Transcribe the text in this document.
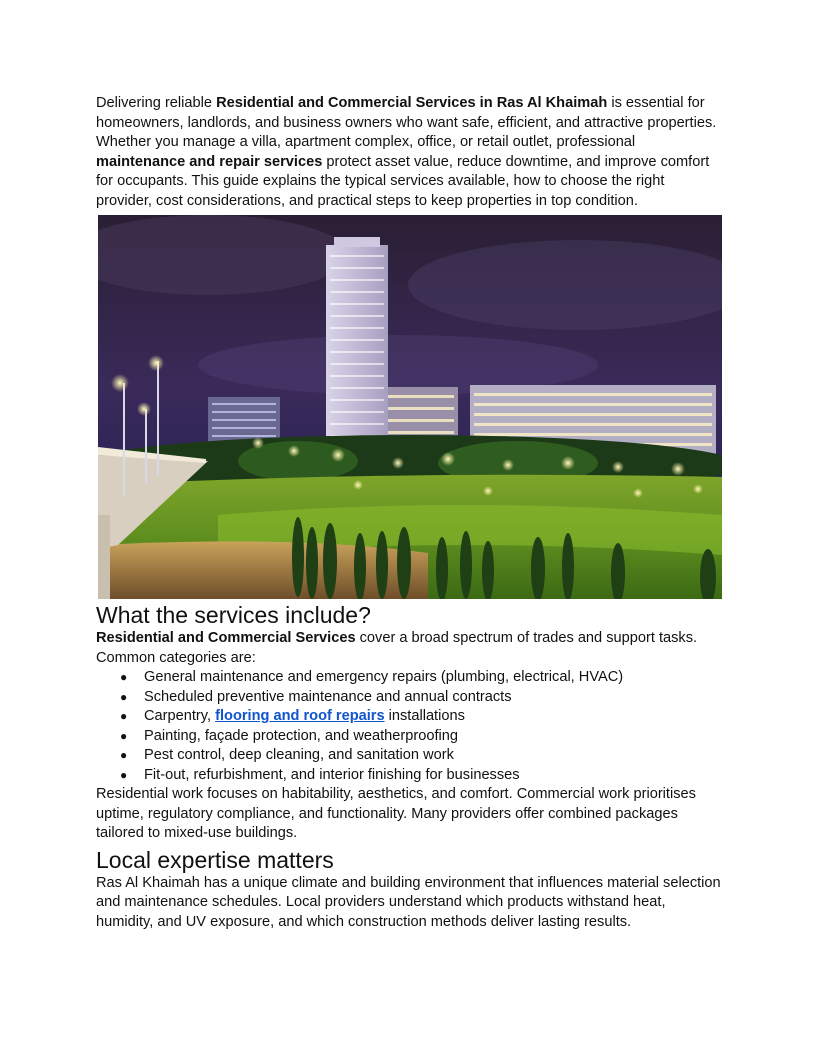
Delivering reliable Residential and Commercial Services in Ras Al Khaimah is essential for homeowners, landlords, and business owners who want safe, efficient, and attractive properties. Whether you manage a villa, apartment complex, office, or retail outlet, professional maintenance and repair services protect asset value, reduce downtime, and improve comfort for occupants. This guide explains the typical services available, how to choose the right provider, cost considerations, and practical steps to keep properties in top condition.

What the services include?

Residential and Commercial Services cover a broad spectrum of trades and support tasks. Common categories are:

● General maintenance and emergency repairs (plumbing, electrical, HVAC)
● Scheduled preventive maintenance and annual contracts
● Carpentry, flooring and roof repairs installations
● Painting, façade protection, and weatherproofing
● Pest control, deep cleaning, and sanitation work
● Fit-out, refurbishment, and interior finishing for businesses

Residential work focuses on habitability, aesthetics, and comfort. Commercial work prioritises uptime, regulatory compliance, and functionality. Many providers offer combined packages tailored to mixed-use buildings.

Local expertise matters

Ras Al Khaimah has a unique climate and building environment that influences material selection and maintenance schedules. Local providers understand which products withstand heat, humidity, and UV exposure, and which construction methods deliver lasting results.
